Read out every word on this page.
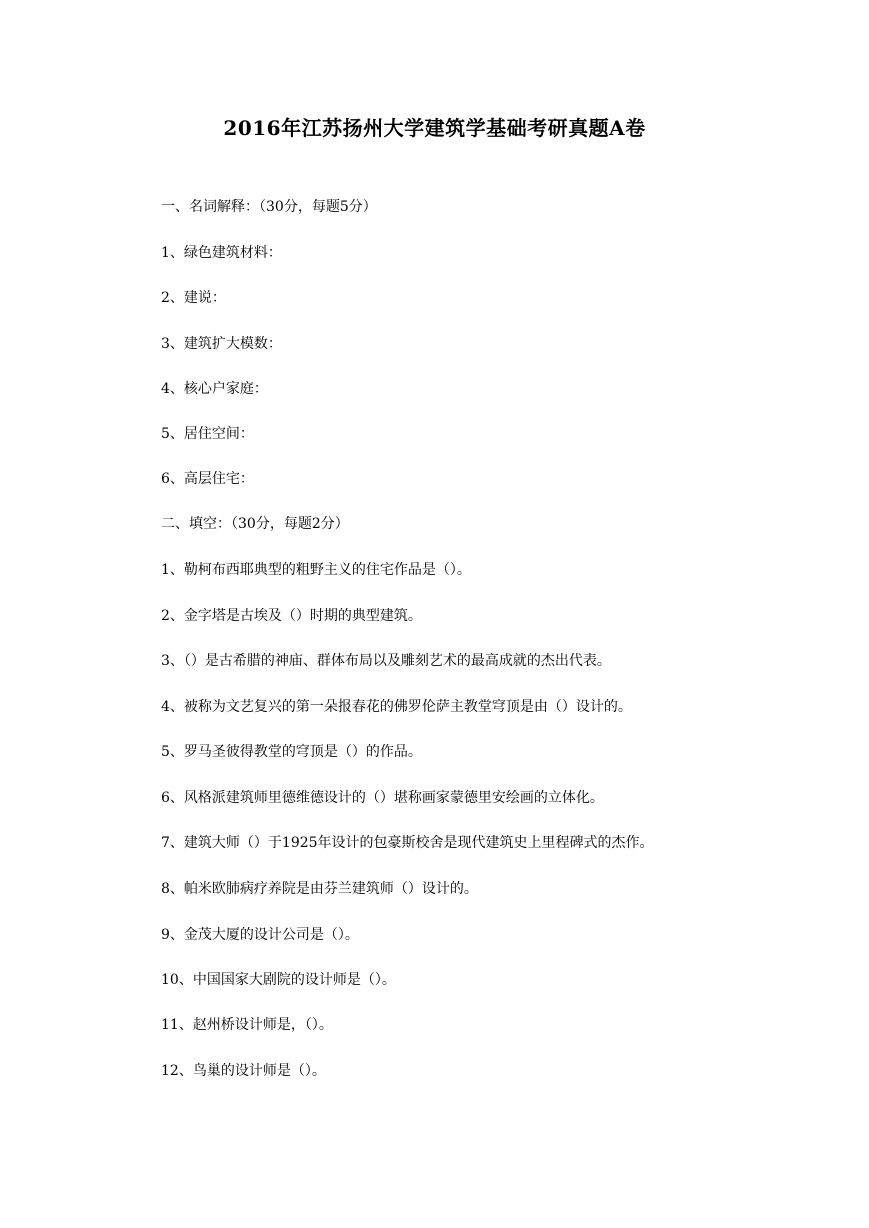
2016年江苏扬州大学建筑学基础考研真题A卷
一、名词解释：（30分，每题5分）
1、绿色建筑材料：
2、建说：
3、建筑扩大模数：
4、核心户家庭：
5、居住空间：
6、高层住宅：
二、填空：（30分，每题2分）
1、勒柯布西耶典型的粗野主义的住宅作品是（）。
2、金字塔是古埃及（）时期的典型建筑。
3、（）是古希腊的神庙、群体布局以及雕刻艺术的最高成就的杰出代表。
4、被称为文艺复兴的第一朵报春花的佛罗伦萨主教堂穹顶是由（）设计的。
5、罗马圣彼得教堂的穹顶是（）的作品。
6、风格派建筑师里德维德设计的（）堪称画家蒙德里安绘画的立体化。
7、建筑大师（）于1925年设计的包豪斯校舍是现代建筑史上里程碑式的杰作。
8、帕米欧肺病疗养院是由芬兰建筑师（）设计的。
9、金茂大厦的设计公司是（）。
10、中国国家大剧院的设计师是（）。
11、赵州桥设计师是，（）。
12、鸟巢的设计师是（）。
